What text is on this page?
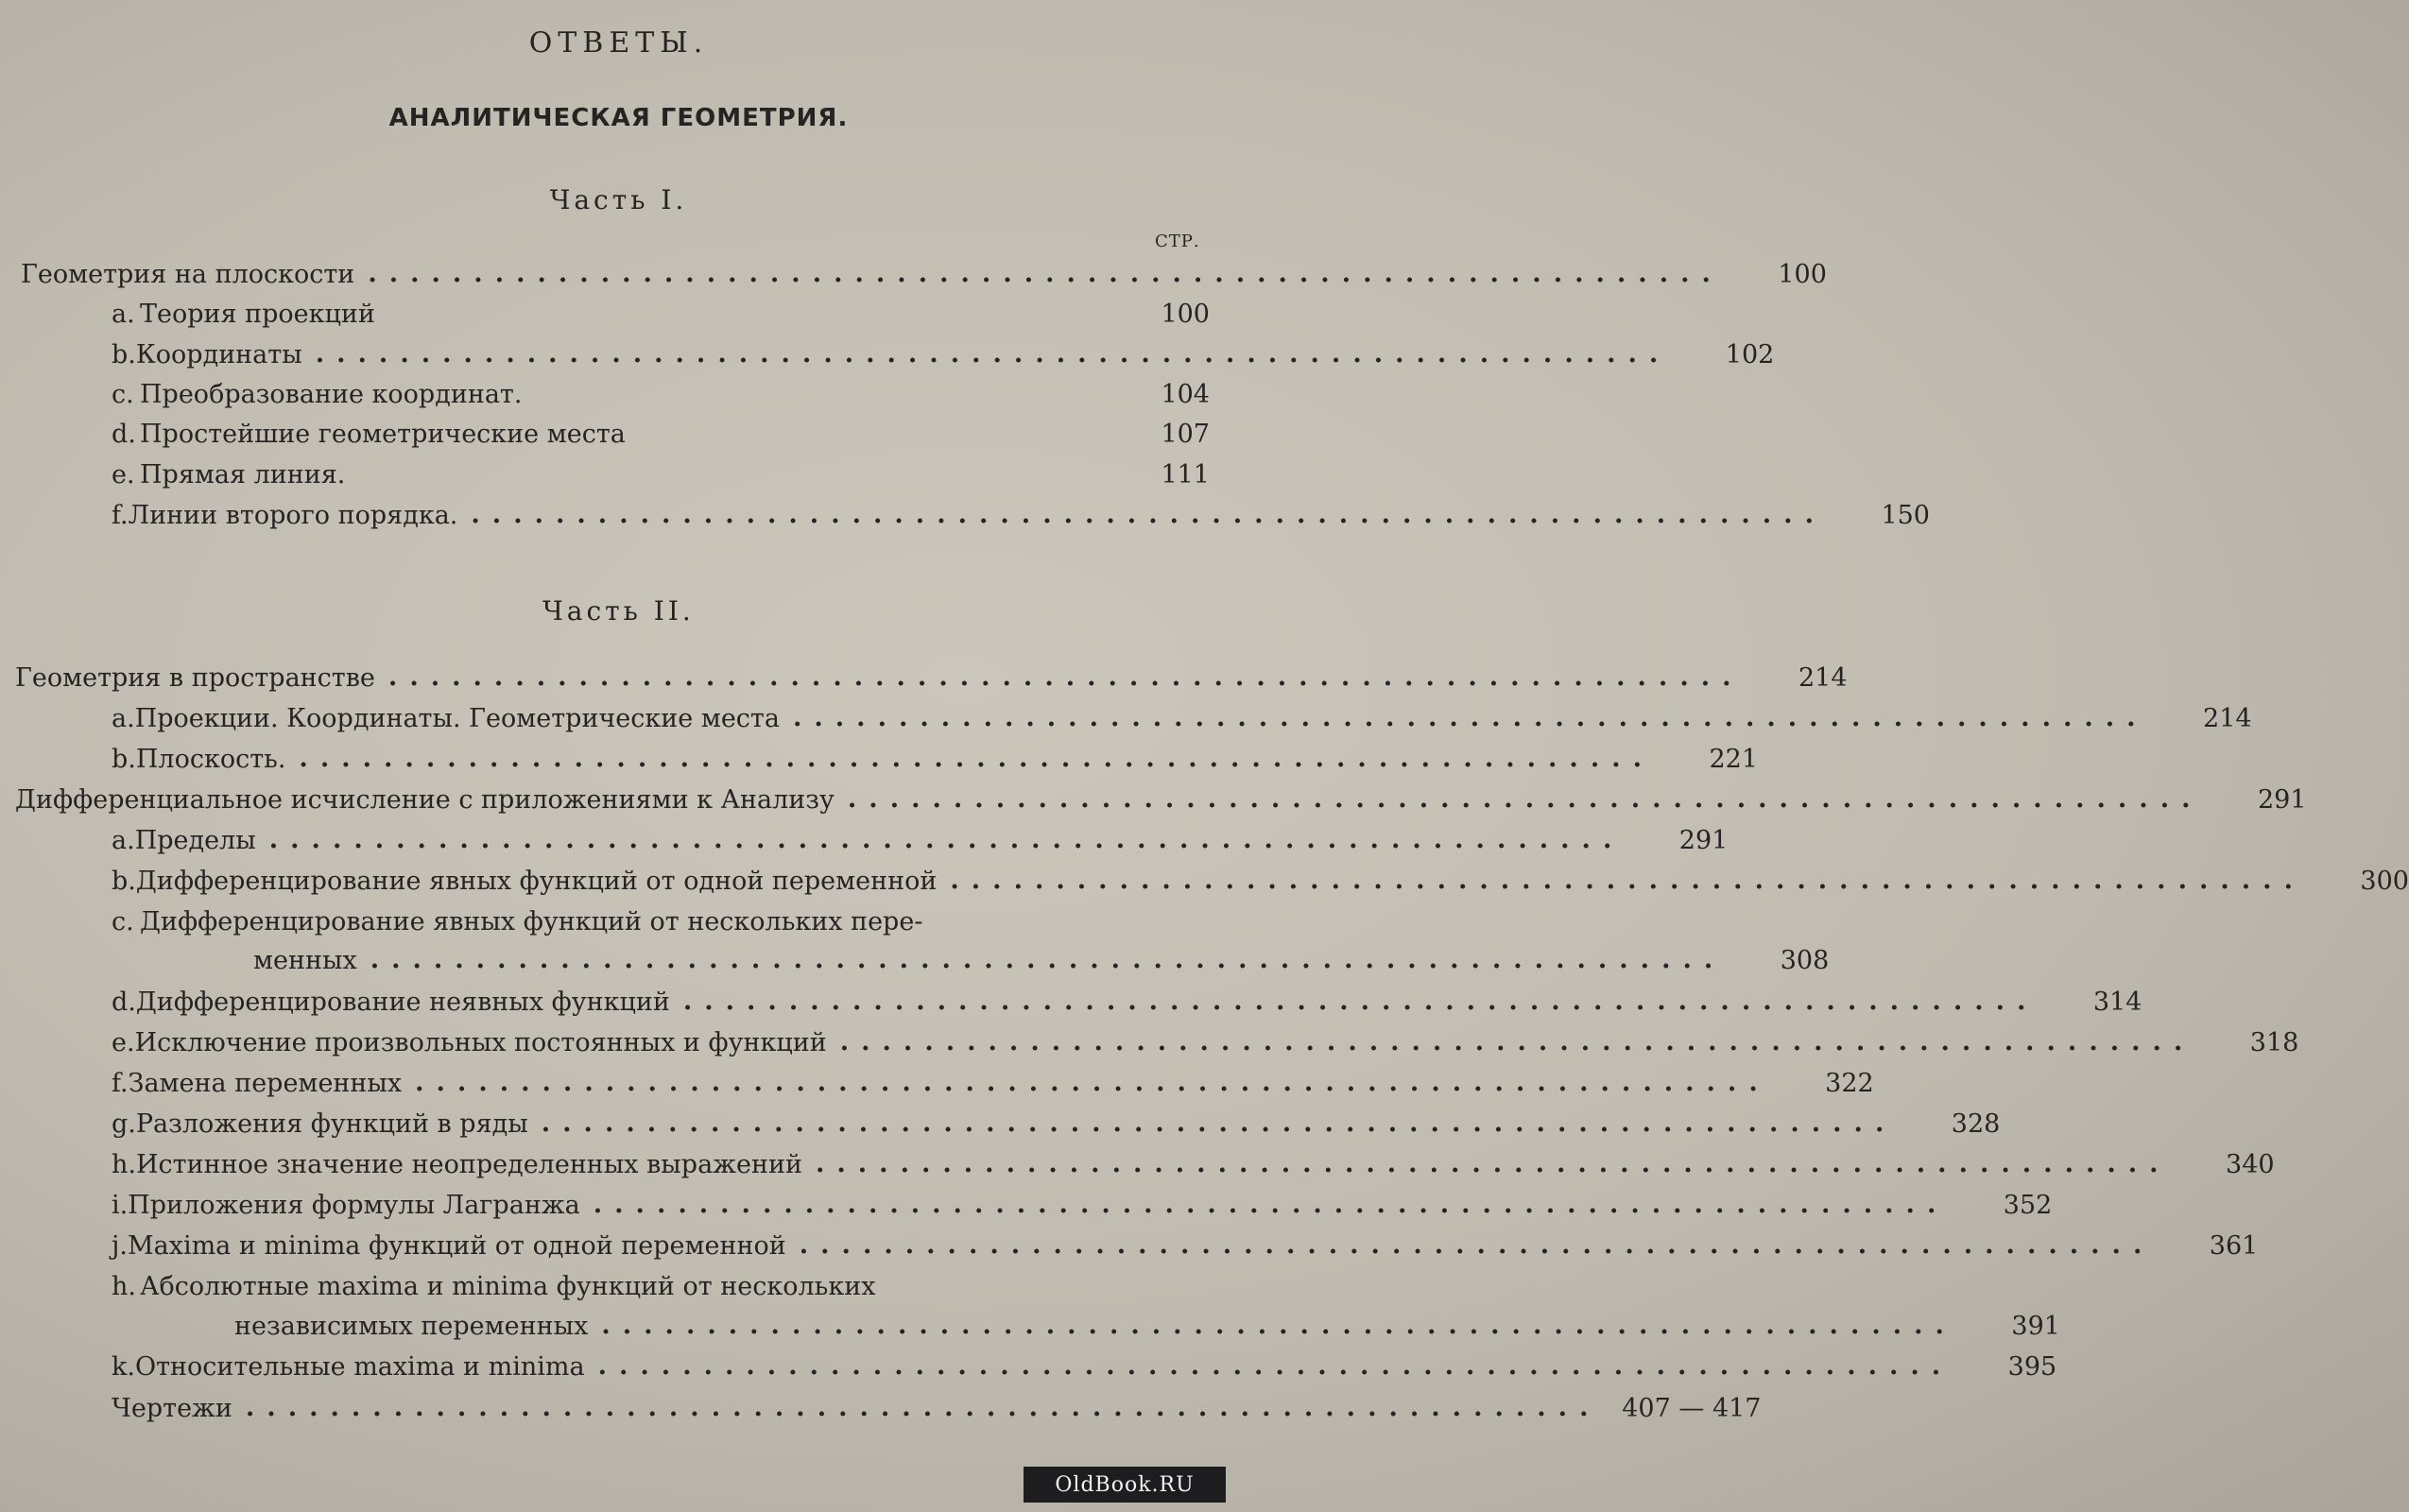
ОТВЕТЫ.
АНАЛИТИЧЕСКАЯ ГЕОМЕТРИЯ.
Часть I.
СТР.
Геометрия на плоскости ................................................................	100
a. Теория проекций	100
b. Координаты ................................................................	102
c. Преобразование координат.	104
d. Простейшие геометрические места	107
e. Прямая линия.	111
f. Линии второго порядка. ................................................................	150
Часть II.
Геометрия в пространстве ................................................................	214
a. Проекции. Координаты. Геометрические места ................................................................	214
b. Плоскость. ................................................................	221
Дифференциальное исчисление с приложениями к Анализу ................................................................	291
a. Пределы ................................................................	291
b. Дифференцирование явных функций от одной переменной ................................................................	300
c. Дифференцирование явных функций от нескольких пере-
менных ................................................................	308
d. Дифференцирование неявных функций ................................................................	314
e. Исключение произвольных постоянных и функций ................................................................	318
f. Замена переменных ................................................................	322
g. Разложения функций в ряды ................................................................	328
h. Истинное значение неопределенных выражений ................................................................	340
i. Приложения формулы Лагранжа ................................................................	352
j. Maxima и minima функций от одной переменной ................................................................	361
h. Абсолютные maxima и minima функций от нескольких
независимых переменных ................................................................	391
k. Относительные maxima и minima ................................................................	395
Чертежи ................................................................ 407 — 417
OldBook.RU
